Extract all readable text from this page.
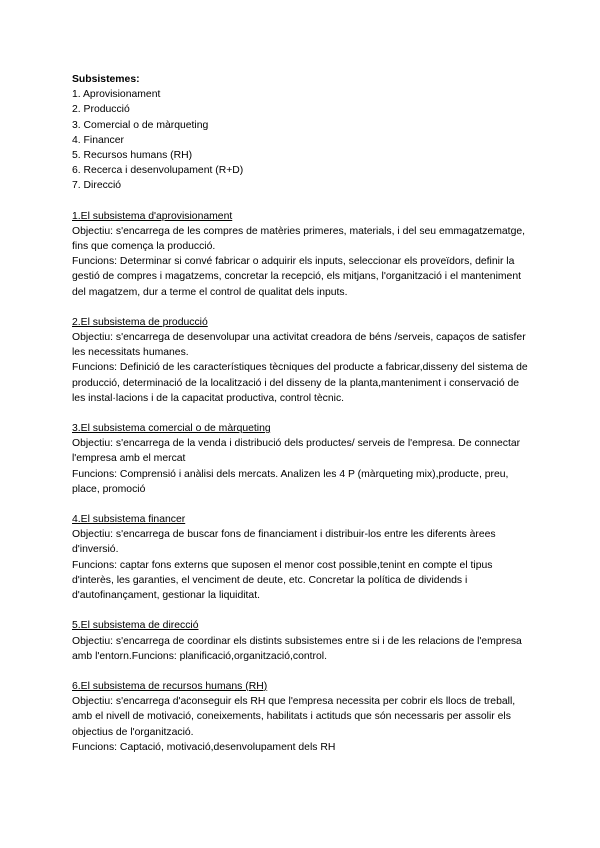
Subsistemes:
1. Aprovisionament
2. Producció
3. Comercial o de màrqueting
4. Financer
5. Recursos humans (RH)
6. Recerca i desenvolupament (R+D)
7. Direcció
1.El subsistema d'aprovisionament

Objectiu: s'encarrega de les compres de matèries primeres, materials, i del seu emmagatzematge, fins que comença la producció.

Funcions: Determinar si convé fabricar o adquirir els inputs, seleccionar els proveïdors, definir la gestió de compres i magatzems, concretar la recepció, els mitjans, l'organització i el manteniment del magatzem, dur a terme el control de qualitat dels inputs.

2.El subsistema de producció

Objectiu: s'encarrega de desenvolupar una activitat creadora de béns /serveis, capaços de satisfer les necessitats humanes.

Funcions: Definició de les característiques tècniques del producte a fabricar,disseny del sistema de producció, determinació de la localització i del disseny de la planta,manteniment i conservació de les instal·lacions i de la capacitat productiva, control tècnic.

3.El subsistema comercial o de màrqueting

Objectiu: s'encarrega de la venda i distribució dels productes/ serveis de l'empresa. De connectar l'empresa amb el mercat

Funcions: Comprensió i anàlisi dels mercats. Analizen les 4 P (màrqueting mix),producte, preu, place, promoció

4.El subsistema financer

Objectiu: s'encarrega de buscar fons de financiament i distribuir-los entre les diferents àrees d'inversió.

Funcions: captar fons externs que suposen el menor cost possible,tenint en compte el tipus d'interès, les garanties, el venciment de deute, etc. Concretar la política de dividends i d'autofinançament, gestionar la liquiditat.

5.El subsistema de direcció

Objectiu: s'encarrega de coordinar els distints subsistemes entre si i de les relacions de l'empresa amb l'entorn.Funcions: planificació,organització,control.

6.El subsistema de recursos humans (RH)

Objectiu: s'encarrega d'aconseguir els RH que l'empresa necessita per cobrir els llocs de treball, amb el nivell de motivació, coneixements, habilitats i actituds que són necessaris per assolir els objectius de l'organització.

Funcions: Captació, motivació,desenvolupament dels RH
